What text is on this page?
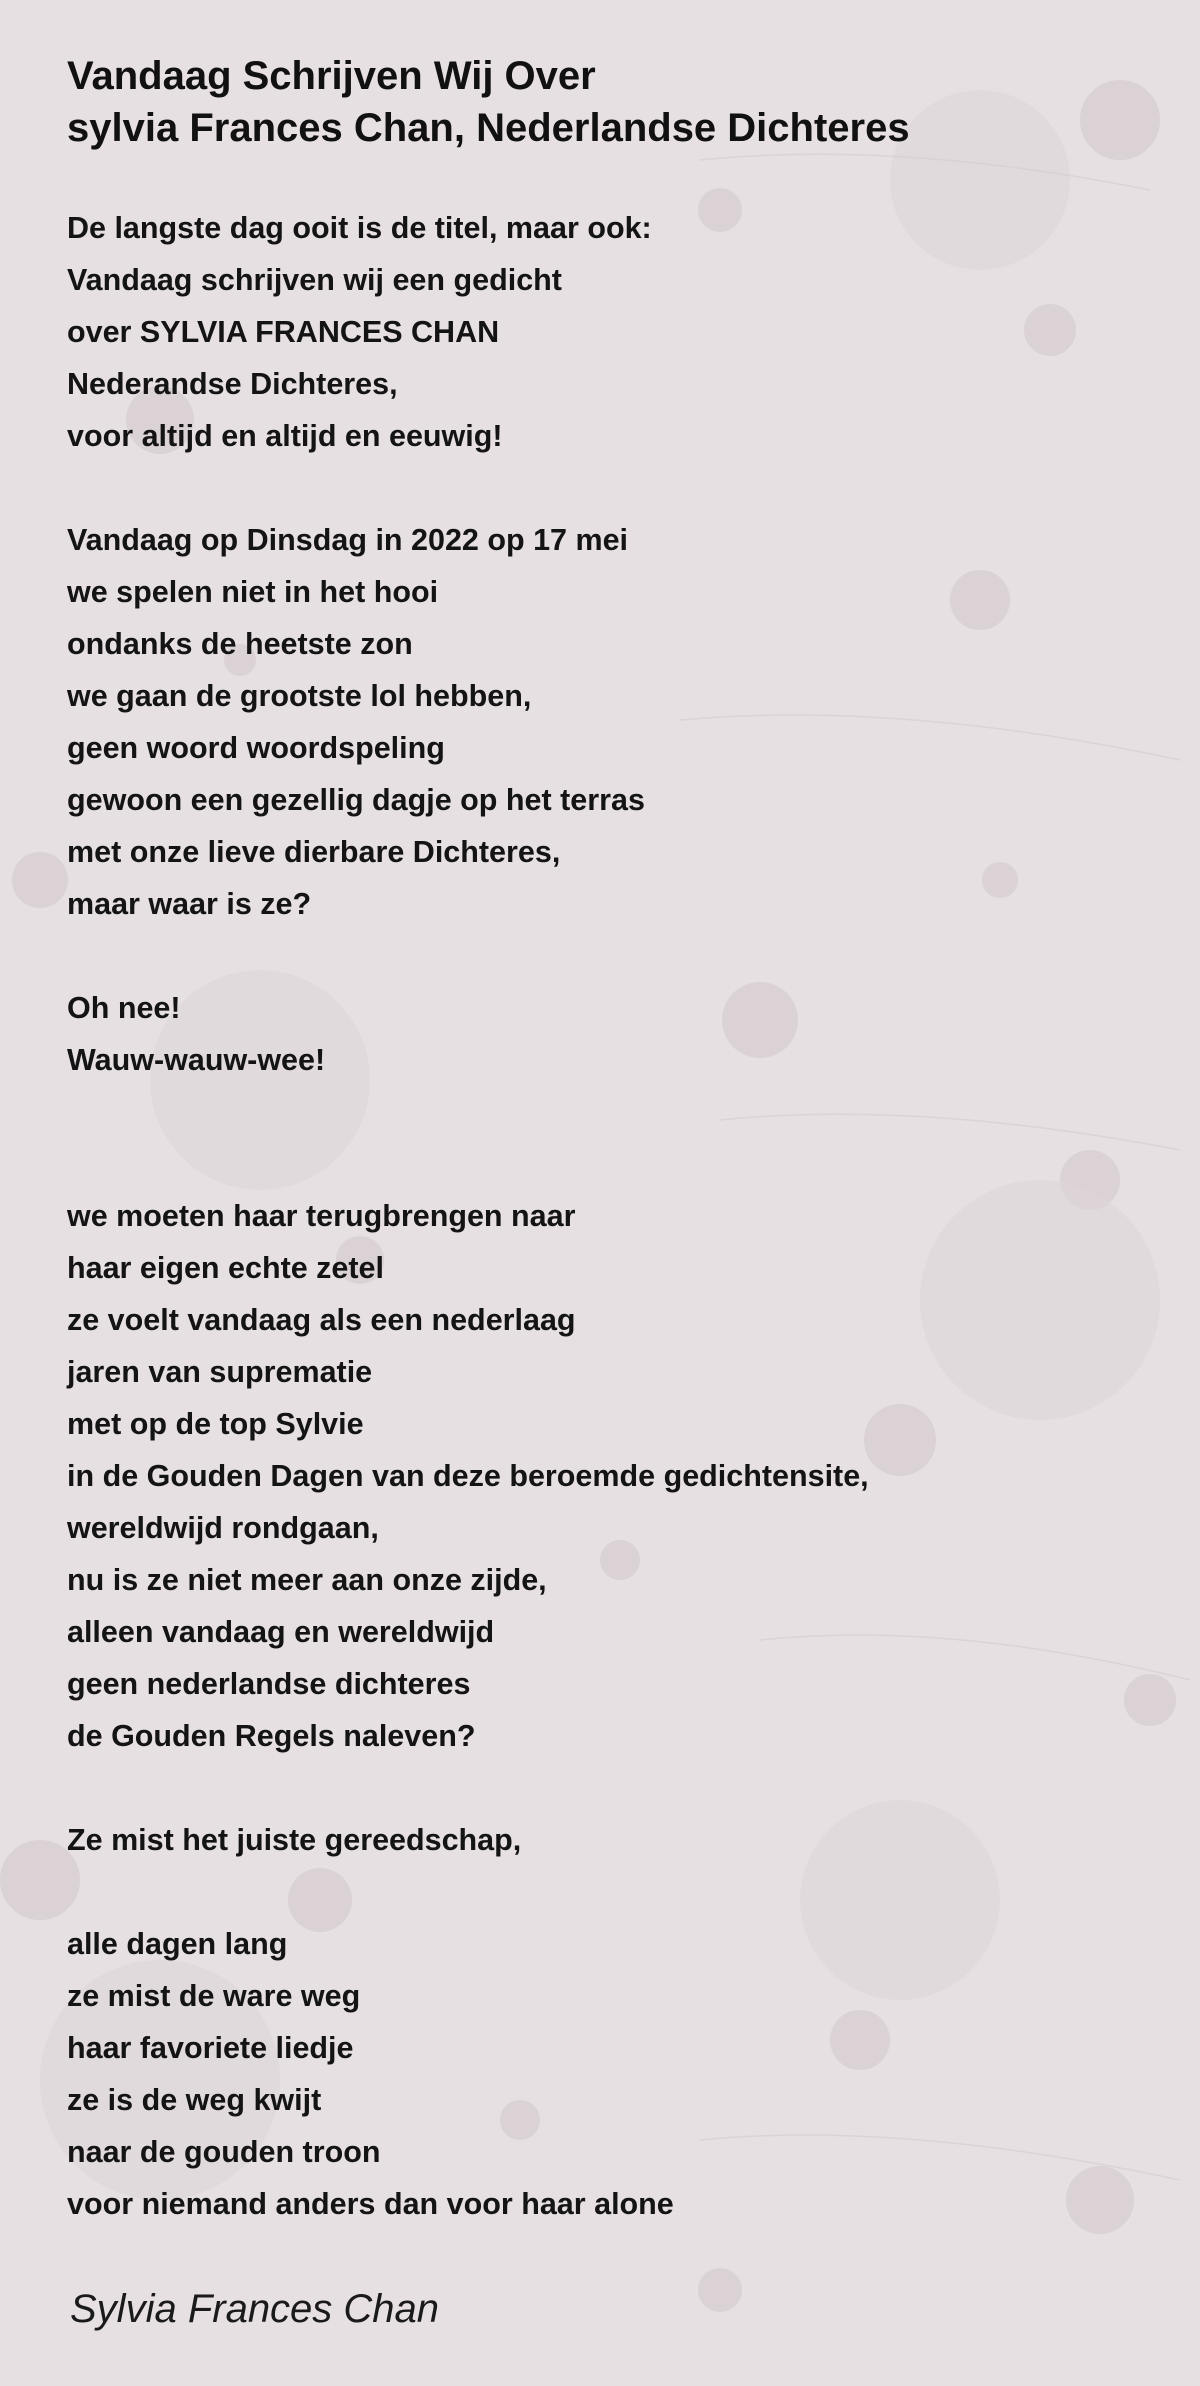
Vandaag Schrijven Wij Over
sylvia Frances Chan, Nederlandse Dichteres
De langste dag ooit is de titel, maar ook:
Vandaag schrijven wij een gedicht
over SYLVIA FRANCES CHAN
Nederandse Dichteres,
voor altijd en altijd en eeuwig!
Vandaag op Dinsdag in 2022 op 17 mei
we spelen niet in het hooi
ondanks de heetste zon
we gaan de grootste lol hebben,
geen woord woordspeling
gewoon een gezellig dagje op het terras
met onze lieve dierbare Dichteres,
maar waar is ze?
Oh nee!
Wauw-wauw-wee!
we moeten haar terugbrengen naar
haar eigen echte zetel
ze voelt vandaag als een nederlaag
jaren van suprematie
met op de top Sylvie
in de Gouden Dagen van deze beroemde gedichtensite,
wereldwijd rondgaan,
nu is ze niet meer aan onze zijde,
alleen vandaag en wereldwijd
geen nederlandse dichteres
de Gouden Regels naleven?
Ze mist het juiste gereedschap,
alle dagen lang
ze mist de ware weg
haar favoriete liedje
ze is de weg kwijt
naar de gouden troon
voor niemand anders dan voor haar alone
Sylvia Frances Chan
